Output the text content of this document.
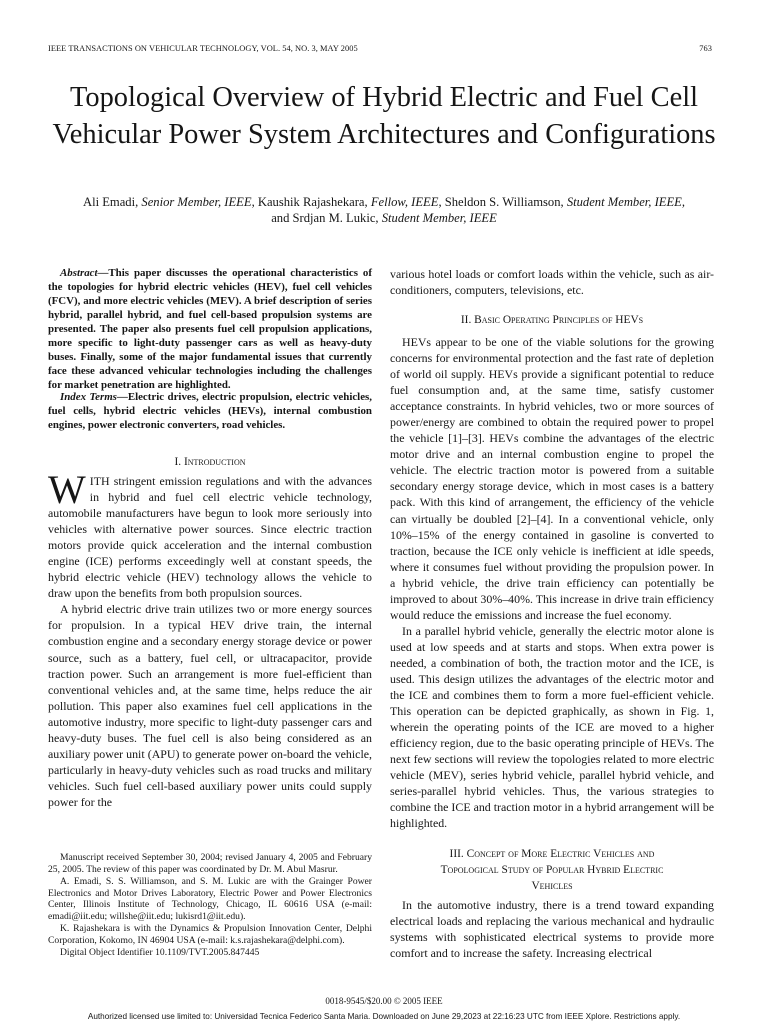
IEEE TRANSACTIONS ON VEHICULAR TECHNOLOGY, VOL. 54, NO. 3, MAY 2005	763
Topological Overview of Hybrid Electric and Fuel Cell Vehicular Power System Architectures and Configurations
Ali Emadi, Senior Member, IEEE, Kaushik Rajashekara, Fellow, IEEE, Sheldon S. Williamson, Student Member, IEEE,
and Srdjan M. Lukic, Student Member, IEEE

Abstract—This paper discusses the operational characteristics of the topologies for hybrid electric vehicles (HEV), fuel cell vehicles (FCV), and more electric vehicles (MEV). A brief description of series hybrid, parallel hybrid, and fuel cell-based propulsion systems are presented. The paper also presents fuel cell propulsion applications, more specific to light-duty passenger cars as well as heavy-duty buses. Finally, some of the major fundamental issues that currently face these advanced vehicular technologies including the challenges for market penetration are highlighted.

Index Terms—Electric drives, electric propulsion, electric vehicles, fuel cells, hybrid electric vehicles (HEVs), internal combustion engines, power electronic converters, road vehicles.

I. Introduction

WITH stringent emission regulations and with the advances in hybrid and fuel cell electric vehicle technology, automobile manufacturers have begun to look more seriously into vehicles with alternative power sources. Since electric traction motors provide quick acceleration and the internal combustion engine (ICE) performs exceedingly well at constant speeds, the hybrid electric vehicle (HEV) technology allows the vehicle to draw upon the benefits from both propulsion sources.

A hybrid electric drive train utilizes two or more energy sources for propulsion. In a typical HEV drive train, the internal combustion engine and a secondary energy storage device or power source, such as a battery, fuel cell, or ultracapacitor, provide traction power. Such an arrangement is more fuel-efficient than conventional vehicles and, at the same time, helps reduce the air pollution. This paper also examines fuel cell applications in the automotive industry, more specific to light-duty passenger cars and heavy-duty buses. The fuel cell is also being considered as an auxiliary power unit (APU) to generate power on-board the vehicle, particularly in heavy-duty vehicles such as road trucks and military vehicles. Such fuel cell-based auxiliary power units could supply power for the

Manuscript received September 30, 2004; revised January 4, 2005 and February 25, 2005. The review of this paper was coordinated by Dr. M. Abul Masrur.

A. Emadi, S. S. Williamson, and S. M. Lukic are with the Grainger Power Electronics and Motor Drives Laboratory, Electric Power and Power Electronics Center, Illinois Institute of Technology, Chicago, IL 60616 USA (e-mail: emadi@iit.edu; willshe@iit.edu; lukisrd1@iit.edu).

K. Rajashekara is with the Dynamics & Propulsion Innovation Center, Delphi Corporation, Kokomo, IN 46904 USA (e-mail: k.s.rajashekara@delphi.com).

Digital Object Identifier 10.1109/TVT.2005.847445

various hotel loads or comfort loads within the vehicle, such as air-conditioners, computers, televisions, etc.
II. Basic Operating Principles of HEVs

HEVs appear to be one of the viable solutions for the growing concerns for environmental protection and the fast rate of depletion of world oil supply. HEVs provide a significant potential to reduce fuel consumption and, at the same time, satisfy customer acceptance constraints. In hybrid vehicles, two or more sources of power/energy are combined to obtain the required power to propel the vehicle [1]–[3]. HEVs combine the advantages of the electric motor drive and an internal combustion engine to propel the vehicle. The electric traction motor is powered from a suitable secondary energy storage device, which in most cases is a battery pack. With this kind of arrangement, the efficiency of the vehicle can virtually be doubled [2]–[4]. In a conventional vehicle, only 10%–15% of the energy contained in gasoline is converted to traction, because the ICE only vehicle is inefficient at idle speeds, where it consumes fuel without providing the propulsion power. In a hybrid vehicle, the drive train efficiency can potentially be improved to about 30%–40%. This increase in drive train efficiency would reduce the emissions and increase the fuel economy.

In a parallel hybrid vehicle, generally the electric motor alone is used at low speeds and at starts and stops. When extra power is needed, a combination of both, the traction motor and the ICE, is used. This design utilizes the advantages of the electric motor and the ICE and combines them to form a more fuel-efficient vehicle. This operation can be depicted graphically, as shown in Fig. 1, wherein the operating points of the ICE are moved to a higher efficiency region, due to the basic operating principle of HEVs. The next few sections will review the topologies related to more electric vehicle (MEV), series hybrid vehicle, parallel hybrid vehicle, and series-parallel hybrid vehicles. Thus, the various strategies to combine the ICE and traction motor in a hybrid arrangement will be highlighted.

III. Concept of More Electric Vehicles and
Topological Study of Popular Hybrid Electric
Vehicles

In the automotive industry, there is a trend toward expanding electrical loads and replacing the various mechanical and hydraulic systems with sophisticated electrical systems to provide more comfort and to increase the safety. Increasing electrical

0018-9545/$20.00 © 2005 IEEE
Authorized licensed use limited to: Universidad Tecnica Federico Santa Maria. Downloaded on June 29,2023 at 22:16:23 UTC from IEEE Xplore. Restrictions apply.
